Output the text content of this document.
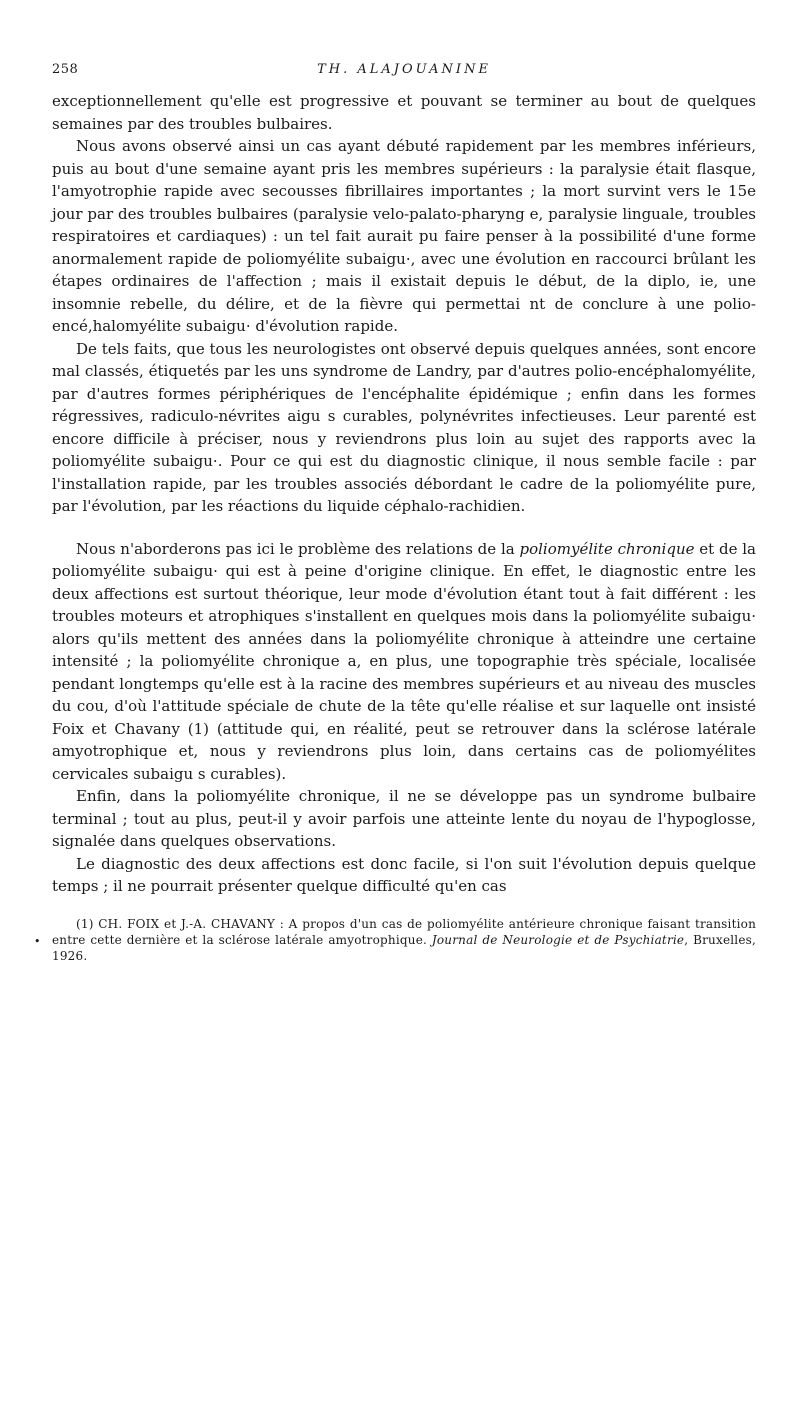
258	TH. ALAJOUANINE

exceptionnellement qu'elle est progressive et pouvant se terminer au bout de quelques semaines par des troubles bulbaires.

Nous avons observé ainsi un cas ayant débuté rapidement par les membres inférieurs, puis au bout d'une semaine ayant pris les membres supérieurs : la paralysie était flasque, l'amyotrophie rapide avec secousses fibrillaires importantes ; la mort survint vers le 15e jour par des troubles bulbaires (paralysie velo-palato-pharyng e, paralysie linguale, troubles respiratoires et cardiaques) : un tel fait aurait pu faire penser à la possibilité d'une forme anormalement rapide de poliomyélite subaigu·, avec une évolution en raccourci brûlant les étapes ordinaires de l'affection ; mais il existait depuis le début, de la diplo, ie, une insomnie rebelle, du délire, et de la fièvre qui permettai nt de conclure à une polio-encé,halomyélite subaigu· d'évolution rapide.

De tels faits, que tous les neurologistes ont observé depuis quelques années, sont encore mal classés, étiquetés par les uns syndrome de Landry, par d'autres polio-encéphalomyélite, par d'autres formes périphériques de l'encéphalite épidémique ; enfin dans les formes régressives, radiculo-névrites aigu s curables, polynévrites infectieuses. Leur parenté est encore difficile à préciser, nous y reviendrons plus loin au sujet des rapports avec la poliomyélite subaigu·. Pour ce qui est du diagnostic clinique, il nous semble facile : par l'installation rapide, par les troubles associés débordant le cadre de la poliomyélite pure, par l'évolution, par les réactions du liquide céphalo-rachidien.

Nous n'aborderons pas ici le problème des relations de la poliomyélite chronique et de la poliomyélite subaigu· qui est à peine d'origine clinique. En effet, le diagnostic entre les deux affections est surtout théorique, leur mode d'évolution étant tout à fait différent : les troubles moteurs et atrophiques s'installent en quelques mois dans la poliomyélite subaigu· alors qu'ils mettent des années dans la poliomyélite chronique à atteindre une certaine intensité ; la poliomyélite chronique a, en plus, une topographie très spéciale, localisée pendant longtemps qu'elle est à la racine des membres supérieurs et au niveau des muscles du cou, d'où l'attitude spéciale de chute de la tête qu'elle réalise et sur laquelle ont insisté Foix et Chavany (1) (attitude qui, en réalité, peut se retrouver dans la sclérose latérale amyotrophique et, nous y reviendrons plus loin, dans certains cas de poliomyélites cervicales subaigu s curables).

Enfin, dans la poliomyélite chronique, il ne se développe pas un syndrome bulbaire terminal ; tout au plus, peut-il y avoir parfois une atteinte lente du noyau de l'hypoglosse, signalée dans quelques observations.

Le diagnostic des deux affections est donc facile, si l'on suit l'évolution depuis quelque temps ; il ne pourrait présenter quelque difficulté qu'en cas

•
(1) CH. FOIX et J.-A. CHAVANY : A propos d'un cas de poliomyélite antérieure chronique faisant transition entre cette dernière et la sclérose latérale amyotrophique. Journal de Neurologie et de Psychiatrie, Bruxelles, 1926.
